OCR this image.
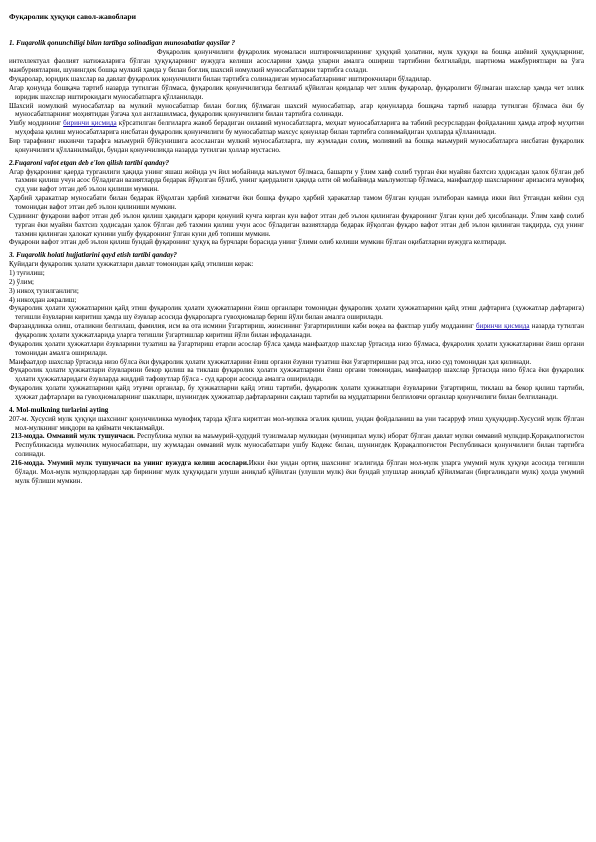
Фуқаролик ҳуқуқи савол-жавоблари
1. Fuqarolik qonunchiligi bilan tartibga solinadigan munosabatlar qaysilar ?
Фуқаролик қонунчилиги фуқаролик муомаласи иштирокчиларининг ҳуқуқий ҳолатини, мулк ҳуқуқи ва бошқа ашёвий ҳуқуқларнинг, интеллектуал фаолият натижаларига бўлган ҳуқуқларнинг вужудга келиши асосларини ҳамда уларни амалга ошириш тартибини белгилайди, шартнома мажбуриятлари ва ўзга мажбуриятларни, шунингдек бошқа мулкий ҳамда у билан боғлиқ шахсий номулкий муносабатларни тартибга солади.
Фуқаролар, юридик шахслар ва давлат фуқаролик қонунчилиги билан тартибга солинадиган муносабатларнинг иштирокчилари бўладилар.
Агар қонунда бошқача тартиб назарда тутилган бўлмаса, фуқаролик қонунчилигида белгилаб қўйилган қоидалар чет эллик фуқаролар, фуқаролиги бўлмаган шахслар ҳамда чет эллик юридик шахслар иштирокидаги муносабатларга қўлланилади.
Шахсий номулкий муносабатлар ва мулкий муносабатлар билан боғлиқ бўлмаган шахсий муносабатлар, агар қонунларда бошқача тартиб назарда тутилган бўлмаса ёки бу муносабатларнинг моҳиятидан ўзгача ҳол англашилмаса, фуқаролик қонунчилиги билан тартибга солинади.
Ушбу моддининг биринчи қисмида кўрсатилган белгиларга жавоб берадиган оилавий муносабатларга, меҳнат муносабатларига ва табиий ресурслардан фойдаланиш ҳамда атроф муҳитни муҳофаза қилиш муносабатларига нисбатан фуқаролик қонунчилиги бу муносабатлар махсус қонунлар билан тартибга солинмайдиган ҳолларда қўлланилади.
Бир тарафнинг иккинчи тарафга маъмурий бўйсунишига асосланган мулкий муносабатларга, шу жумладан солиқ, молиявий ва бошқа маъмурий муносабатларга нисбатан фуқаролик қонунчилиги қўлланилмайди, бундан қонунчиликда назарда тутилган ҳоллар мустасно.
2.Fuqaroni vafot etgan deb e'lon qilish tartibi qanday?
Агар фуқаронинг қаерда турганлиги ҳақида унинг яшаш жойида уч йил мобайнида маълумот бўлмаса, башарти у ўлим хавф солиб турган ёки муайян бахтсиз ҳодисадан ҳалок бўлган деб тахмин қилиш учун асос бўладиган вазиятларда бедарак йўқолган бўлиб, унинг қаердалиги ҳақида олти ой мобайнида маълумотлар бўлмаса, манфаатдор шахсларнинг аризасига мувофиқ суд уни вафот этган деб эълон қилиши мумкин.
Ҳарбий ҳаракатлар муносабати билан бедарак йўқолган ҳарбий хизматчи ёки бошқа фуқаро ҳарбий ҳаракатлар тамом бўлган кундан эътиборан камида икки йил ўтгандан кейин суд томонидан вафот этган деб эълон қилиниши мумкин.
Судининг фуқарони вафот этган деб эълон қилиш ҳақидаги қарори қонуний кучга кирган кун вафот этган деб эълон қилинган фуқаронинг ўлган куни деб ҳисобланади. Ўлим хавф солиб турган ёки муайян бахтсиз ҳодисадан ҳалок бўлган деб тахмин қилиш учун асос бўладиган вазиятларда бедарак йўқолган фуқаро вафот этган деб эълон қилинган тақдирда, суд унинг тахмин қилинган ҳалокат кунини ушбу фуқаронинг ўлган куни деб топиши мумкин.
Фуқарони вафот этган деб эълон қилиш бундай фуқаронинг ҳуқуқ ва бурчлари борасида унинг ўлими олиб келиши мумкин бўлган оқибатларни вужудга келтиради.
3. Fuqarolik holati hujjatlarini qayd etish tartibi qanday?
Қуйидаги фуқаролик ҳолати ҳужжатлари давлат томонидан қайд этилиши керак:
1) туғилиш;
2) ўлим;
3) никоҳ тузилганлиги;
4) никоҳдан ажралиш;
Фуқаролик ҳолати ҳужжатларини қайд этиш фуқаролик ҳолати ҳужжатларини ёзиш органлари томонидан фуқаролик ҳолати ҳужжатларини қайд этиш дафтарига (ҳужжатлар дафтарига) тегишли ёзувларни киритиш ҳамда шу ёзувлар асосида фуқароларга гувоҳномалар бериш йўли билан амалга оширилади.
Фарзандликка олиш, оталикни белгилаш, фамилия, исм ва ота исмини ўзгартириш, жинсининг ўзгартирилиши каби воқеа ва фактлар ушбу модданинг биринчи қисмида назарда тутилган фуқаролик ҳолати ҳужжатларида уларга тегишли ўзгартишлар киритиш йўли билан ифодаланади.
Фуқаролик ҳолати ҳужжатлари ёзувларини тузатиш ва ўзгартириш етарли асослар бўлса ҳамда манфаатдор шахслар ўртасида низо бўлмаса, фуқаролик ҳолати ҳужжатларини ёзиш органи томонидан амалга оширилади.
Манфаатдор шахслар ўртасида низо бўлса ёки фуқаролик ҳолати ҳужжатларини ёзиш органи ёзувни тузатиш ёки ўзгартиришни рад этса, низо суд томонидан ҳал қилинади.
Фуқаролик ҳолати ҳужжатлари ёзувларини бекор қилиш ва тиклаш фуқаролик ҳолати ҳужжатларини ёзиш органи томонидан, манфаатдор шахслар ўртасида низо бўлса ёки фуқаролик ҳолати ҳужжатларидаги ёзувларда жиддий тафовутлар бўлса - суд қарори асосида амалга оширилади.
Фуқаролик ҳолати ҳужжатларини қайд этувчи органлар, бу ҳужжатларни қайд этиш тартиби, фуқаролик ҳолати ҳужжатлари ёзувларини ўзгартириш, тиклаш ва бекор қилиш тартиби, ҳужжат дафтарлари ва гувоҳномаларнинг шакллари, шунингдек ҳужжатлар дафтарларини сақлаш тартиби ва муддатларини белгиловчи органлар қонунчилиги билан белгиланади.
4. Mol-mulkning turlarini ayting
207-м. Хусусий мулк ҳуқуқи шахснинг қонунчиликка мувофиқ тарзда қўлга киритган мол-мулкка эгалик қилиш, ундан фойдаланиш ва уни тасарруф этиш ҳуқуқидир.Хусусий мулк бўлган мол-мулкнинг миқдори ва қиймати чекланмайди.
213-модда. Оммавий мулк тушунчаси. Республика мулки ва маъмурий-ҳудудий тузилмалар мулкидан (муниципал мулк) иборат бўлган давлат мулки оммавий мулкдир.Қорақалпоғистон Республикасида мулкчилик муносабатлари, шу жумладан оммавий мулк муносабатлари ушбу Кодекс билан, шунингдек Қорақалпоғистон Республикаси қонунчилиги билан тартибга солинади.
216-модда. Умумий мулк тушунчаси ва унинг вужудга келиш асослари.Икки ёки ундан ортиқ шахснинг эгалигида бўлган мол-мулк уларга умумий мулк ҳуқуқи асосида тегишли бўлади. Мол-мулк мулкдорлардан ҳар бирининг мулк ҳуқуқидаги улуши аниқлаб қўйилган (улушли мулк) ёки бундай улушлар аниқлаб қўйилмаган (биргаликдаги мулк) ҳолда умумий мулк бўлиши мумкин.
